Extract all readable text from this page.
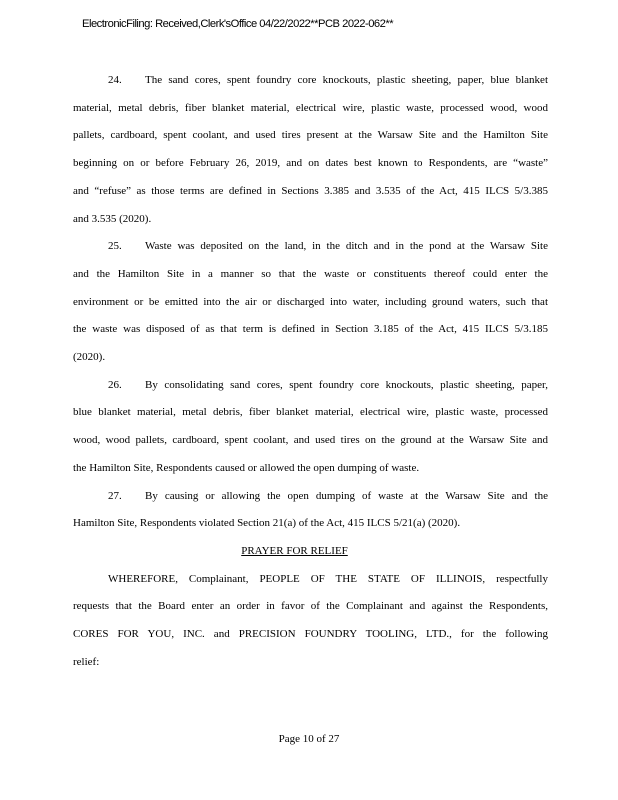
ElectronicFiling: Received,Clerk'sOffice 04/22/2022**PCB 2022-062**
24. The sand cores, spent foundry core knockouts, plastic sheeting, paper, blue blanket
material, metal debris, fiber blanket material, electrical wire, plastic waste, processed wood, wood
pallets, cardboard, spent coolant, and used tires present at the Warsaw Site and the Hamilton Site
beginning on or before February 26, 2019, and on dates best known to Respondents, are “waste”
and “refuse” as those terms are defined in Sections 3.385 and 3.535 of the Act, 415 ILCS 5/3.385
and 3.535 (2020).
25. Waste was deposited on the land, in the ditch and in the pond at the Warsaw Site
and the Hamilton Site in a manner so that the waste or constituents thereof could enter the
environment or be emitted into the air or discharged into water, including ground waters, such that
the waste was disposed of as that term is defined in Section 3.185 of the Act, 415 ILCS 5/3.185
(2020).
26. By consolidating sand cores, spent foundry core knockouts, plastic sheeting, paper,
blue blanket material, metal debris, fiber blanket material, electrical wire, plastic waste, processed
wood, wood pallets, cardboard, spent coolant, and used tires on the ground at the Warsaw Site and
the Hamilton Site, Respondents caused or allowed the open dumping of waste.
27. By causing or allowing the open dumping of waste at the Warsaw Site and the
Hamilton Site, Respondents violated Section 21(a) of the Act, 415 ILCS 5/21(a) (2020).
PRAYER FOR RELIEF
WHEREFORE, Complainant, PEOPLE OF THE STATE OF ILLINOIS, respectfully
requests that the Board enter an order in favor of the Complainant and against the Respondents,
CORES FOR YOU, INC. and PRECISION FOUNDRY TOOLING, LTD., for the following
relief:
Page 10 of 27
